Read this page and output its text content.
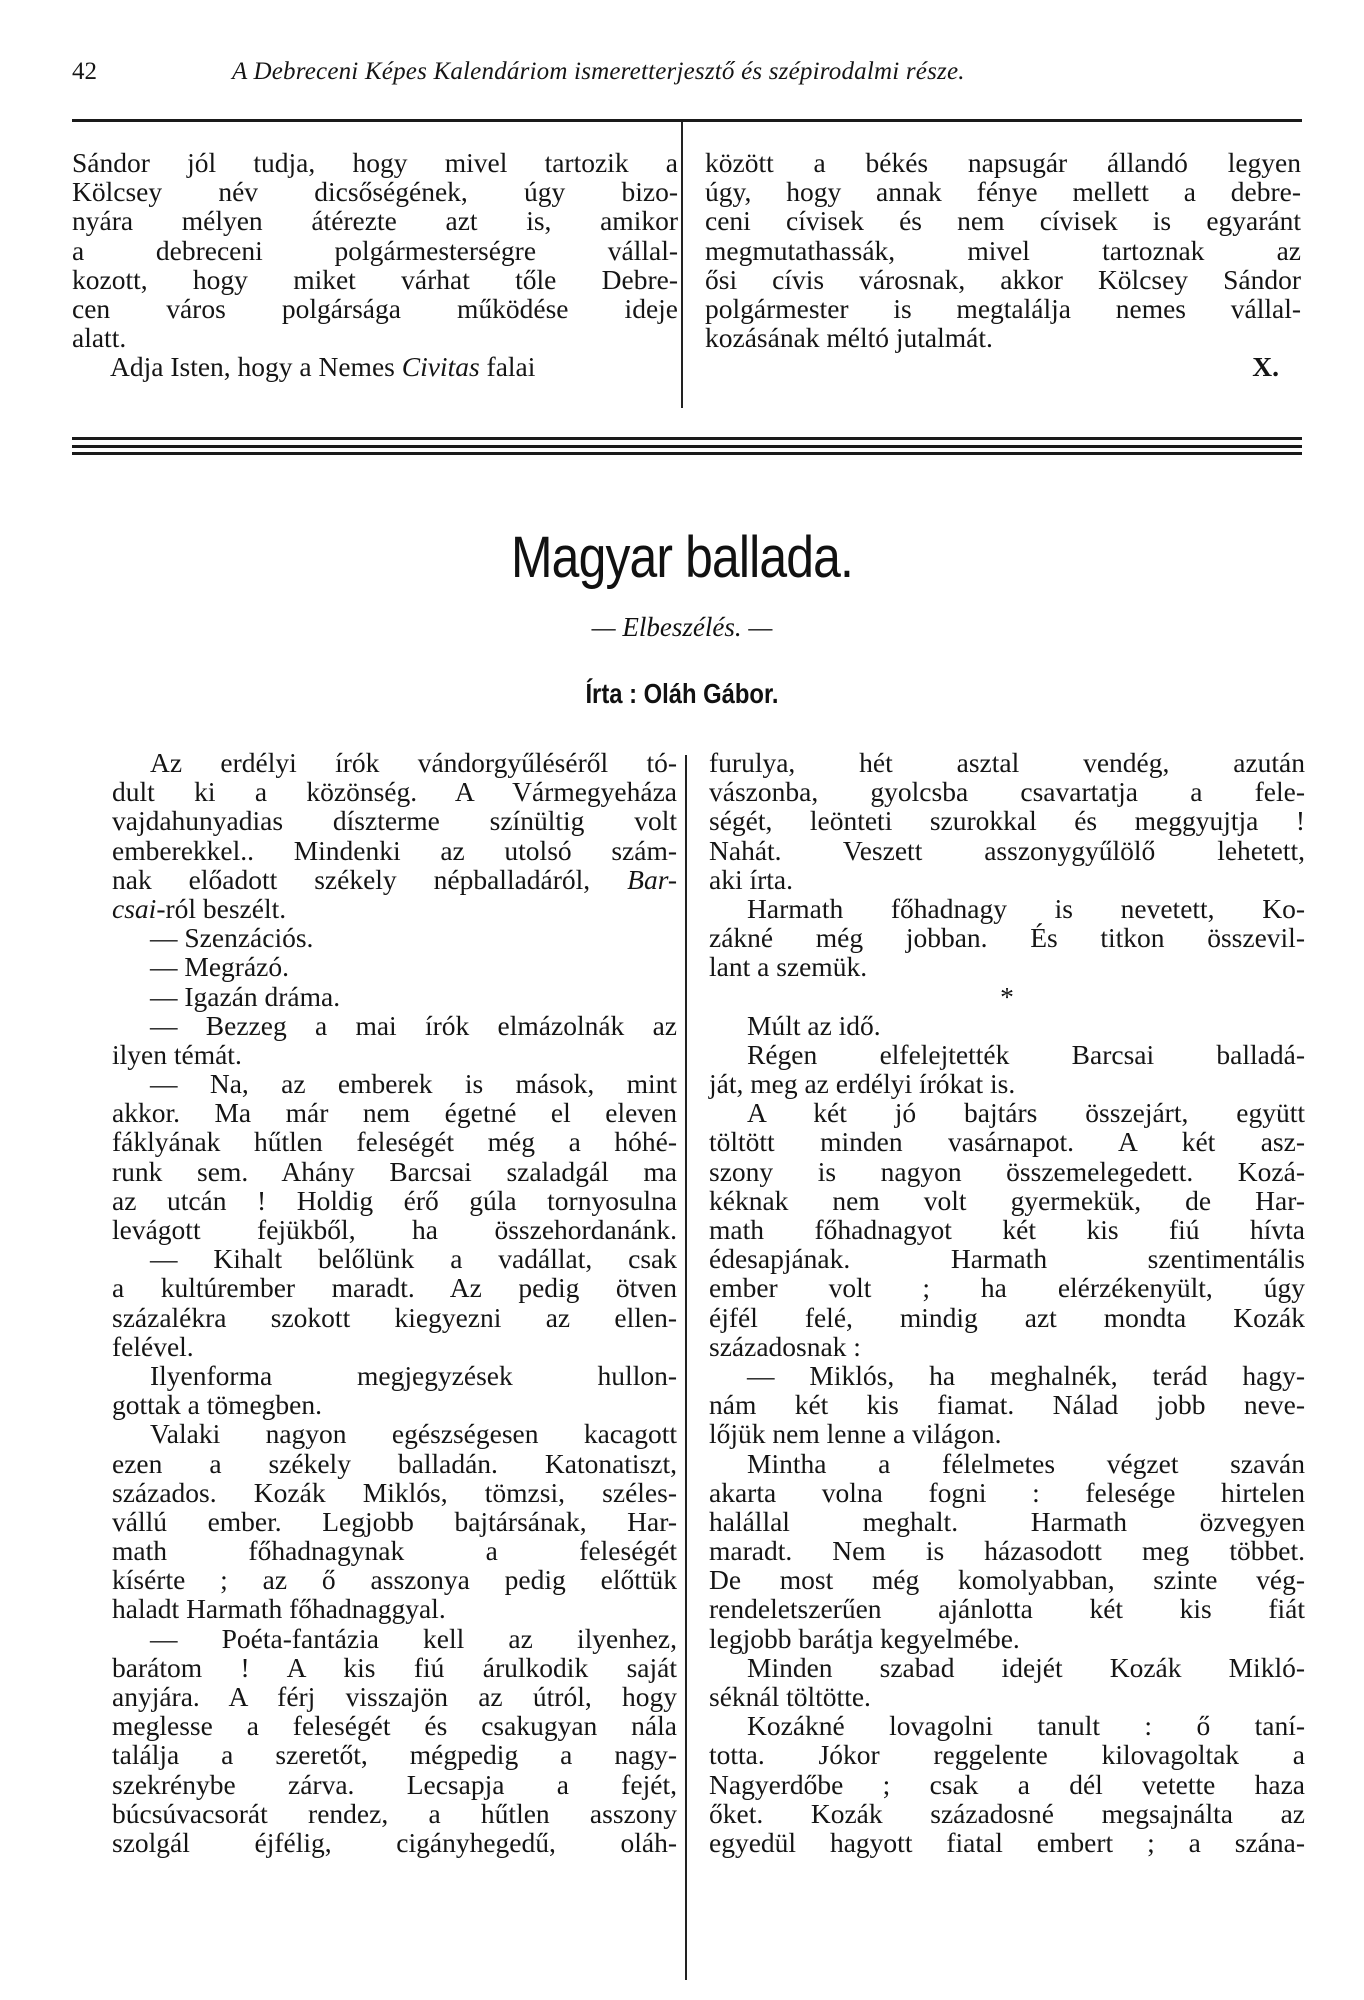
42	A Debreceni Képes Kalendáriom ismeretterjesztő és szépirodalmi része.
Sándor jól tudja, hogy mivel tartozik a
Kölcsey név dicsőségének, úgy bizo-
nyára mélyen átérezte azt is, amikor
a debreceni polgármesterségre vállal-
kozott, hogy miket várhat tőle Debre-
cen város polgársága működése ideje
alatt.
Adja Isten, hogy a Nemes Civitas falai
között a békés napsugár állandó legyen
úgy, hogy annak fénye mellett a debre-
ceni cívisek és nem cívisek is egyaránt
megmutathassák, mivel tartoznak az
ősi cívis városnak, akkor Kölcsey Sándor
polgármester is megtalálja nemes vállal-
kozásának méltó jutalmát.
X.
Magyar ballada.
— Elbeszélés. —
Írta : Oláh Gábor.
Az erdélyi írók vándorgyűléséről tó-
dult ki a közönség. A Vármegyeháza
vajdahunyadias díszterme színültig volt
emberekkel.. Mindenki az utolsó szám-
nak előadott székely népballadáról, Bar-
csai-ról beszélt.
— Szenzációs.
— Megrázó.
— Igazán dráma.
— Bezzeg a mai írók elmázolnák az
ilyen témát.
— Na, az emberek is mások, mint
akkor. Ma már nem égetné el eleven
fáklyának hűtlen feleségét még a hóhé-
runk sem. Ahány Barcsai szaladgál ma
az utcán ! Holdig érő gúla tornyosulna
levágott fejükből, ha összehordanánk.
— Kihalt belőlünk a vadállat, csak
a kultúrember maradt. Az pedig ötven
százalékra szokott kiegyezni az ellen-
felével.
Ilyenforma megjegyzések hullon-
gottak a tömegben.
Valaki nagyon egészségesen kacagott
ezen a székely balladán. Katonatiszt,
százados. Kozák Miklós, tömzsi, széles-
vállú ember. Legjobb bajtársának, Har-
math főhadnagynak a feleségét
kísérte ; az ő asszonya pedig előttük
haladt Harmath főhadnaggyal.
— Poéta-fantázia kell az ilyenhez,
barátom ! A kis fiú árulkodik saját
anyjára. A férj visszajön az útról, hogy
meglesse a feleségét és csakugyan nála
találja a szeretőt, mégpedig a nagy-
szekrénybe zárva. Lecsapja a fejét,
búcsúvacsorát rendez, a hűtlen asszony
szolgál éjfélig, cigányhegedű, oláh-
furulya, hét asztal vendég, azután
vászonba, gyolcsba csavartatja a fele-
ségét, leönteti szurokkal és meggyujtja !
Nahát. Veszett asszonygyűlölő lehetett,
aki írta.
Harmath főhadnagy is nevetett, Ko-
zákné még jobban. És titkon összevil-
lant a szemük.
*
Múlt az idő.
Régen elfelejtették Barcsai balladá-
ját, meg az erdélyi írókat is.
A két jó bajtárs összejárt, együtt
töltött minden vasárnapot. A két asz-
szony is nagyon összemelegedett. Kozá-
kéknak nem volt gyermekük, de Har-
math főhadnagyot két kis fiú hívta
édesapjának. Harmath szentimentális
ember volt ; ha elérzékenyült, úgy
éjfél felé, mindig azt mondta Kozák
századosnak :
— Miklós, ha meghalnék, terád hagy-
nám két kis fiamat. Nálad jobb neve-
lőjük nem lenne a világon.
Mintha a félelmetes végzet szaván
akarta volna fogni : felesége hirtelen
halállal meghalt. Harmath özvegyen
maradt. Nem is házasodott meg többet.
De most még komolyabban, szinte vég-
rendeletszerűen ajánlotta két kis fiát
legjobb barátja kegyelmébe.
Minden szabad idejét Kozák Mikló-
séknál töltötte.
Kozákné lovagolni tanult : ő taní-
totta. Jókor reggelente kilovagoltak a
Nagyerdőbe ; csak a dél vetette haza
őket. Kozák századosné megsajnálta az
egyedül hagyott fiatal embert ; a szána-
